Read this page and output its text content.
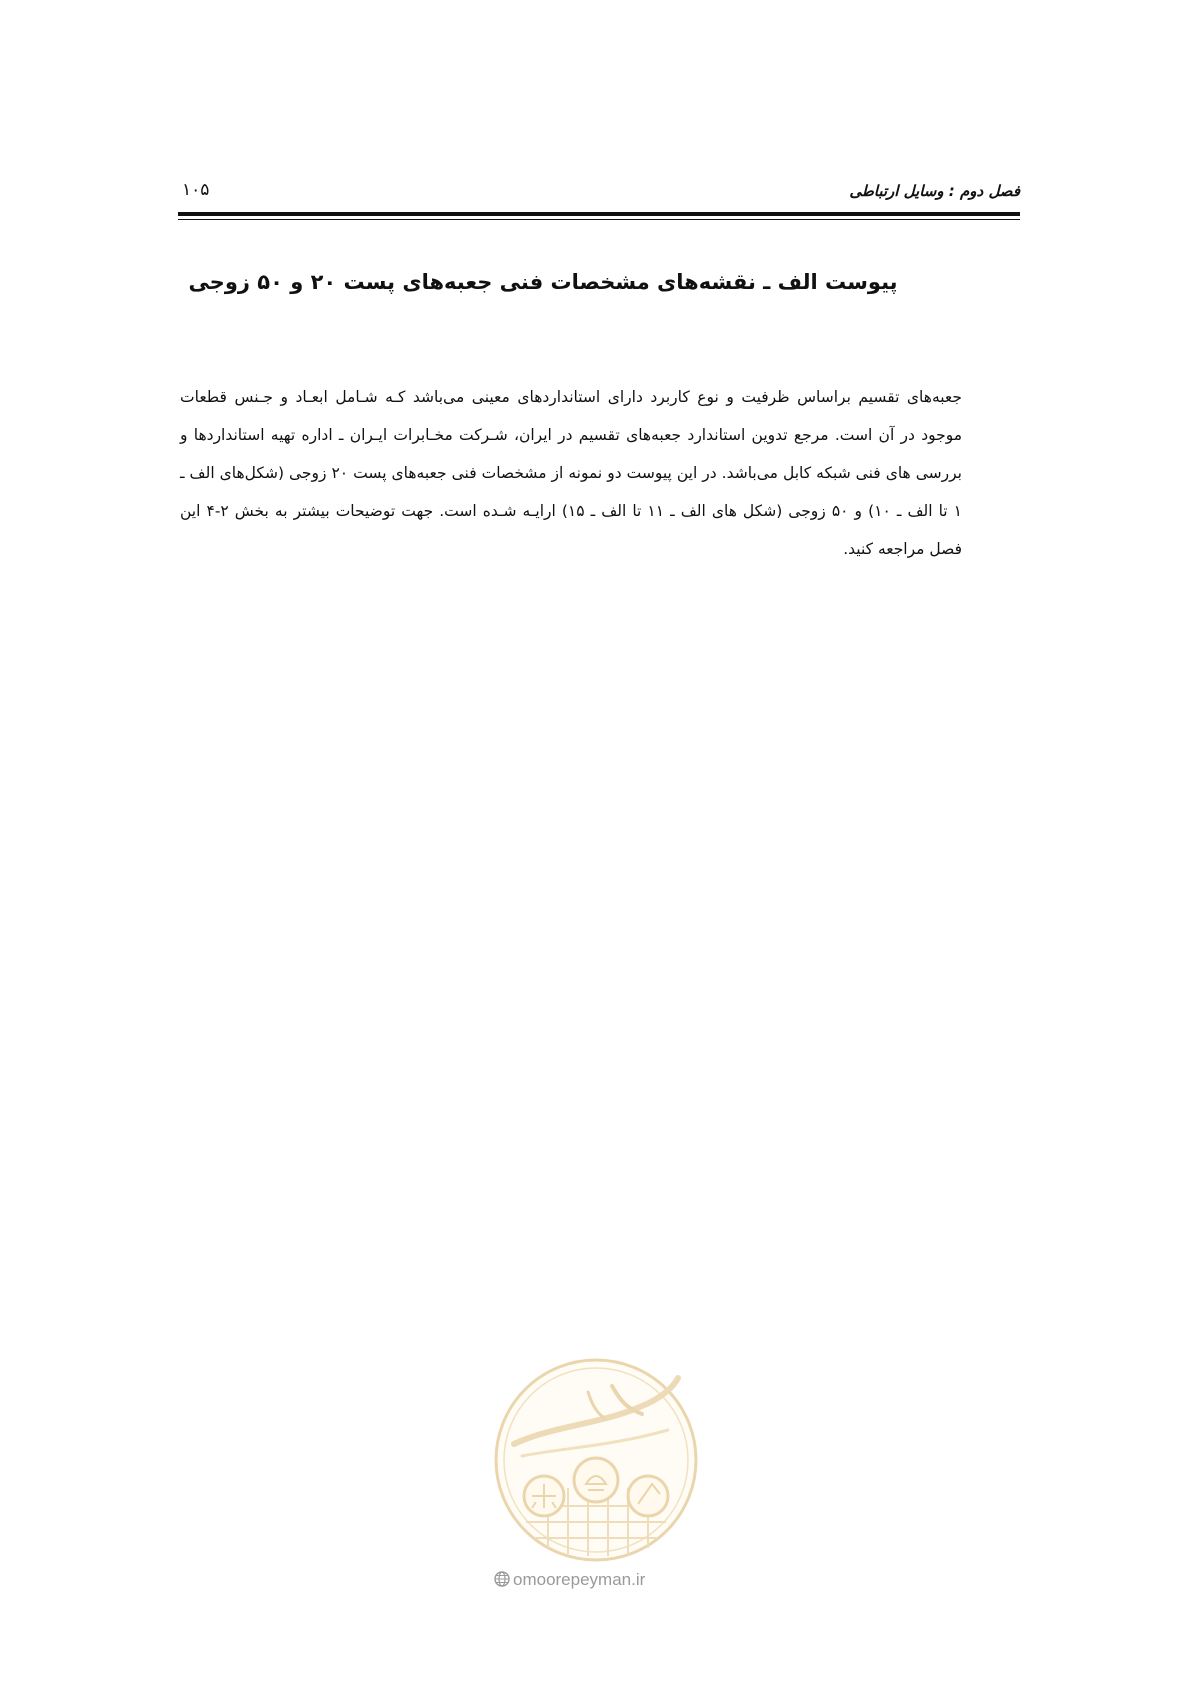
۱۰۵	فصل دوم : وسایل ارتباطی
پیوست الف ـ نقشه‌های مشخصات فنی جعبه‌های پست ۲۰ و ۵۰ زوجی
جعبه‌های تقسیم براساس ظرفیت و نوع کاربرد دارای استانداردهای معینی می‌باشد کـه شـامل ابعـاد و جـنس قطعات موجود در آن است. مرجع تدوین استاندارد جعبه‌های تقسیم در ایران، شـرکت مخـابرات ایـران ـ اداره تهیه استانداردها و بررسی های فنی شبکه کابل می‌باشد. در این پیوست دو نمونه از مشخصات فنی جعبه‌های پست ۲۰ زوجی (شکل‌های الف ـ ۱ تا الف ـ ۱۰) و ۵۰ زوجی (شکل های الف ـ ۱۱ تا الف ـ ۱۵) ارایـه شـده است. جهت توضیحات بیشتر به بخش ۲-۴ این فصل مراجعه کنید.
omoorepeyman.ir
